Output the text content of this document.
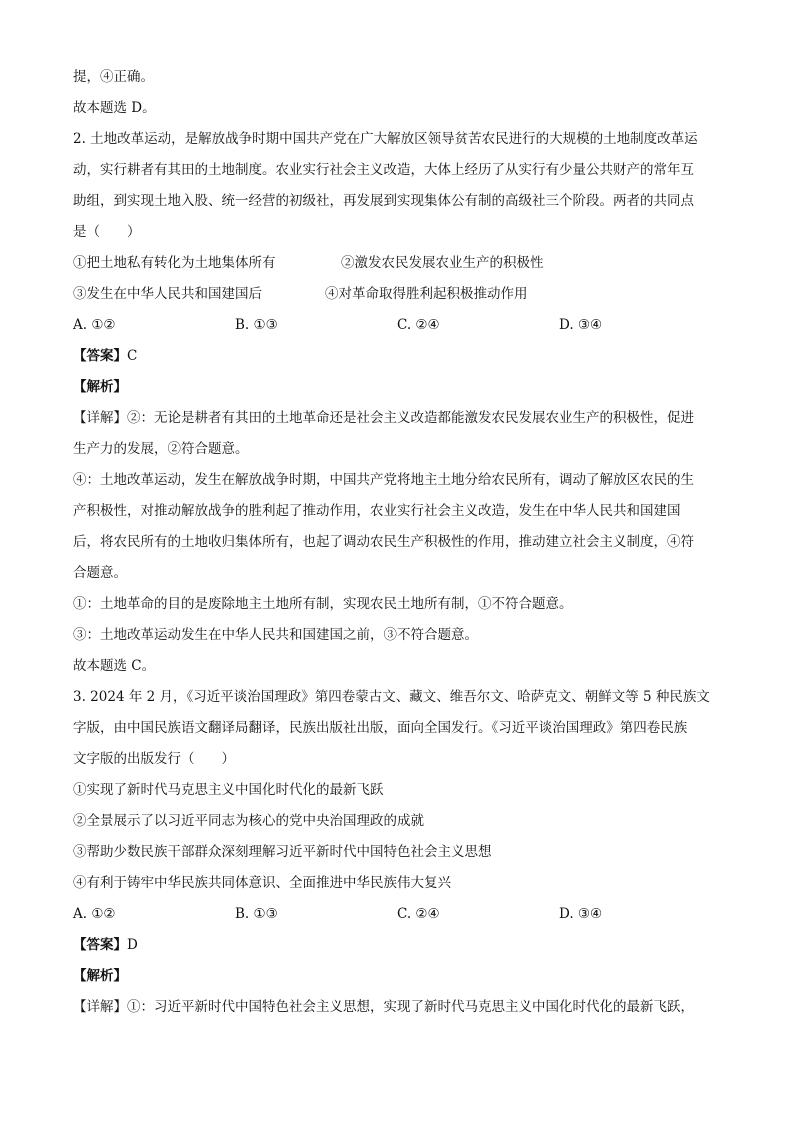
提，④正确。
故本题选 D。
2. 土地改革运动，是解放战争时期中国共产党在广大解放区领导贫苦农民进行的大规模的土地制度改革运
动，实行耕者有其田的土地制度。农业实行社会主义改造，大体上经历了从实行有少量公共财产的常年互
助组，到实现土地入股、统一经营的初级社，再发展到实现集体公有制的高级社三个阶段。两者的共同点
是（　　）
①把土地私有转化为土地集体所有	②激发农民发展农业生产的积极性
③发生在中华人民共和国建国后	④对革命取得胜利起积极推动作用
A. ①②	B. ①③	C. ②④	D. ③④
【答案】C
【解析】
【详解】②：无论是耕者有其田的土地革命还是社会主义改造都能激发农民发展农业生产的积极性，促进
生产力的发展，②符合题意。
④：土地改革运动，发生在解放战争时期，中国共产党将地主土地分给农民所有，调动了解放区农民的生
产积极性，对推动解放战争的胜利起了推动作用，农业实行社会主义改造，发生在中华人民共和国建国
后，将农民所有的土地收归集体所有，也起了调动农民生产积极性的作用，推动建立社会主义制度，④符
合题意。
①：土地革命的目的是废除地主土地所有制，实现农民土地所有制，①不符合题意。
③：土地改革运动发生在中华人民共和国建国之前，③不符合题意。
故本题选 C。
3. 2024 年 2 月，《习近平谈治国理政》第四卷蒙古文、藏文、维吾尔文、哈萨克文、朝鲜文等 5 种民族文
字版，由中国民族语文翻译局翻译，民族出版社出版，面向全国发行。《习近平谈治国理政》第四卷民族
文字版的出版发行（　　）
①实现了新时代马克思主义中国化时代化的最新飞跃
②全景展示了以习近平同志为核心的党中央治国理政的成就
③帮助少数民族干部群众深刻理解习近平新时代中国特色社会主义思想
④有利于铸牢中华民族共同体意识、全面推进中华民族伟大复兴
A. ①②	B. ①③	C. ②④	D. ③④
【答案】D
【解析】
【详解】①：习近平新时代中国特色社会主义思想，实现了新时代马克思主义中国化时代化的最新飞跃，
